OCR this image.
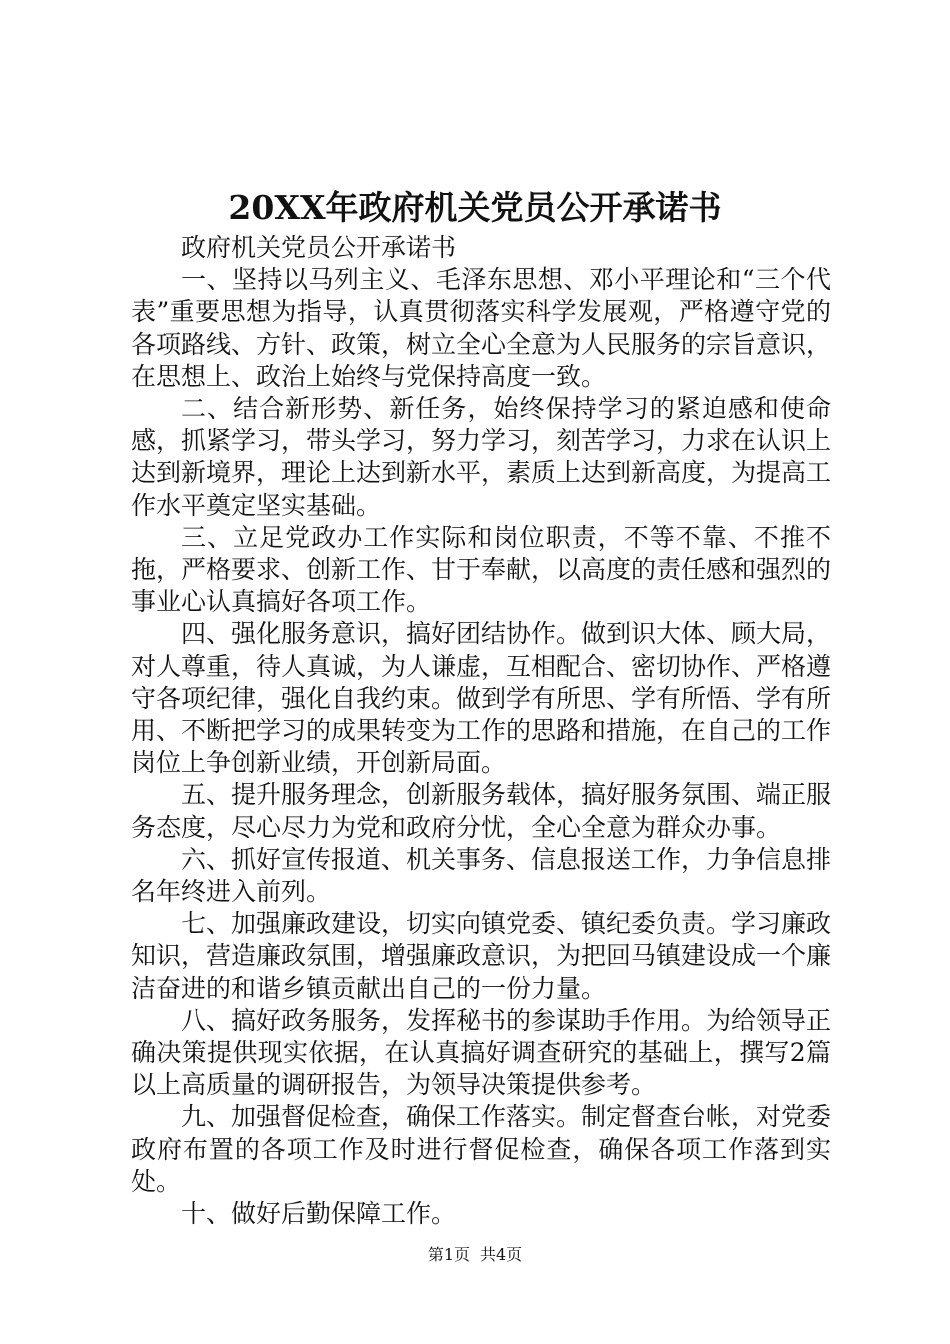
20XX年政府机关党员公开承诺书

政府机关党员公开承诺书

一、坚持以马列主义、毛泽东思想、邓小平理论和“三个代表”重要思想为指导，认真贯彻落实科学发展观，严格遵守党的各项路线、方针、政策，树立全心全意为人民服务的宗旨意识，在思想上、政治上始终与党保持高度一致。

二、结合新形势、新任务，始终保持学习的紧迫感和使命感，抓紧学习，带头学习，努力学习，刻苦学习，力求在认识上达到新境界，理论上达到新水平，素质上达到新高度，为提高工作水平奠定坚实基础。

三、立足党政办工作实际和岗位职责，不等不靠、不推不拖，严格要求、创新工作、甘于奉献，以高度的责任感和强烈的事业心认真搞好各项工作。

四、强化服务意识，搞好团结协作。做到识大体、顾大局，对人尊重，待人真诚，为人谦虚，互相配合、密切协作、严格遵守各项纪律，强化自我约束。做到学有所思、学有所悟、学有所用、不断把学习的成果转变为工作的思路和措施，在自己的工作岗位上争创新业绩，开创新局面。

五、提升服务理念，创新服务载体，搞好服务氛围、端正服务态度，尽心尽力为党和政府分忧，全心全意为群众办事。

六、抓好宣传报道、机关事务、信息报送工作，力争信息排名年终进入前列。

七、加强廉政建设，切实向镇党委、镇纪委负责。学习廉政知识，营造廉政氛围，增强廉政意识，为把回马镇建设成一个廉洁奋进的和谐乡镇贡献出自己的一份力量。

八、搞好政务服务，发挥秘书的参谋助手作用。为给领导正确决策提供现实依据，在认真搞好调查研究的基础上，撰写2篇以上高质量的调研报告，为领导决策提供参考。

九、加强督促检查，确保工作落实。制定督查台帐，对党委政府布置的各项工作及时进行督促检查，确保各项工作落到实处。

十、做好后勤保障工作。

第1页 共4页
